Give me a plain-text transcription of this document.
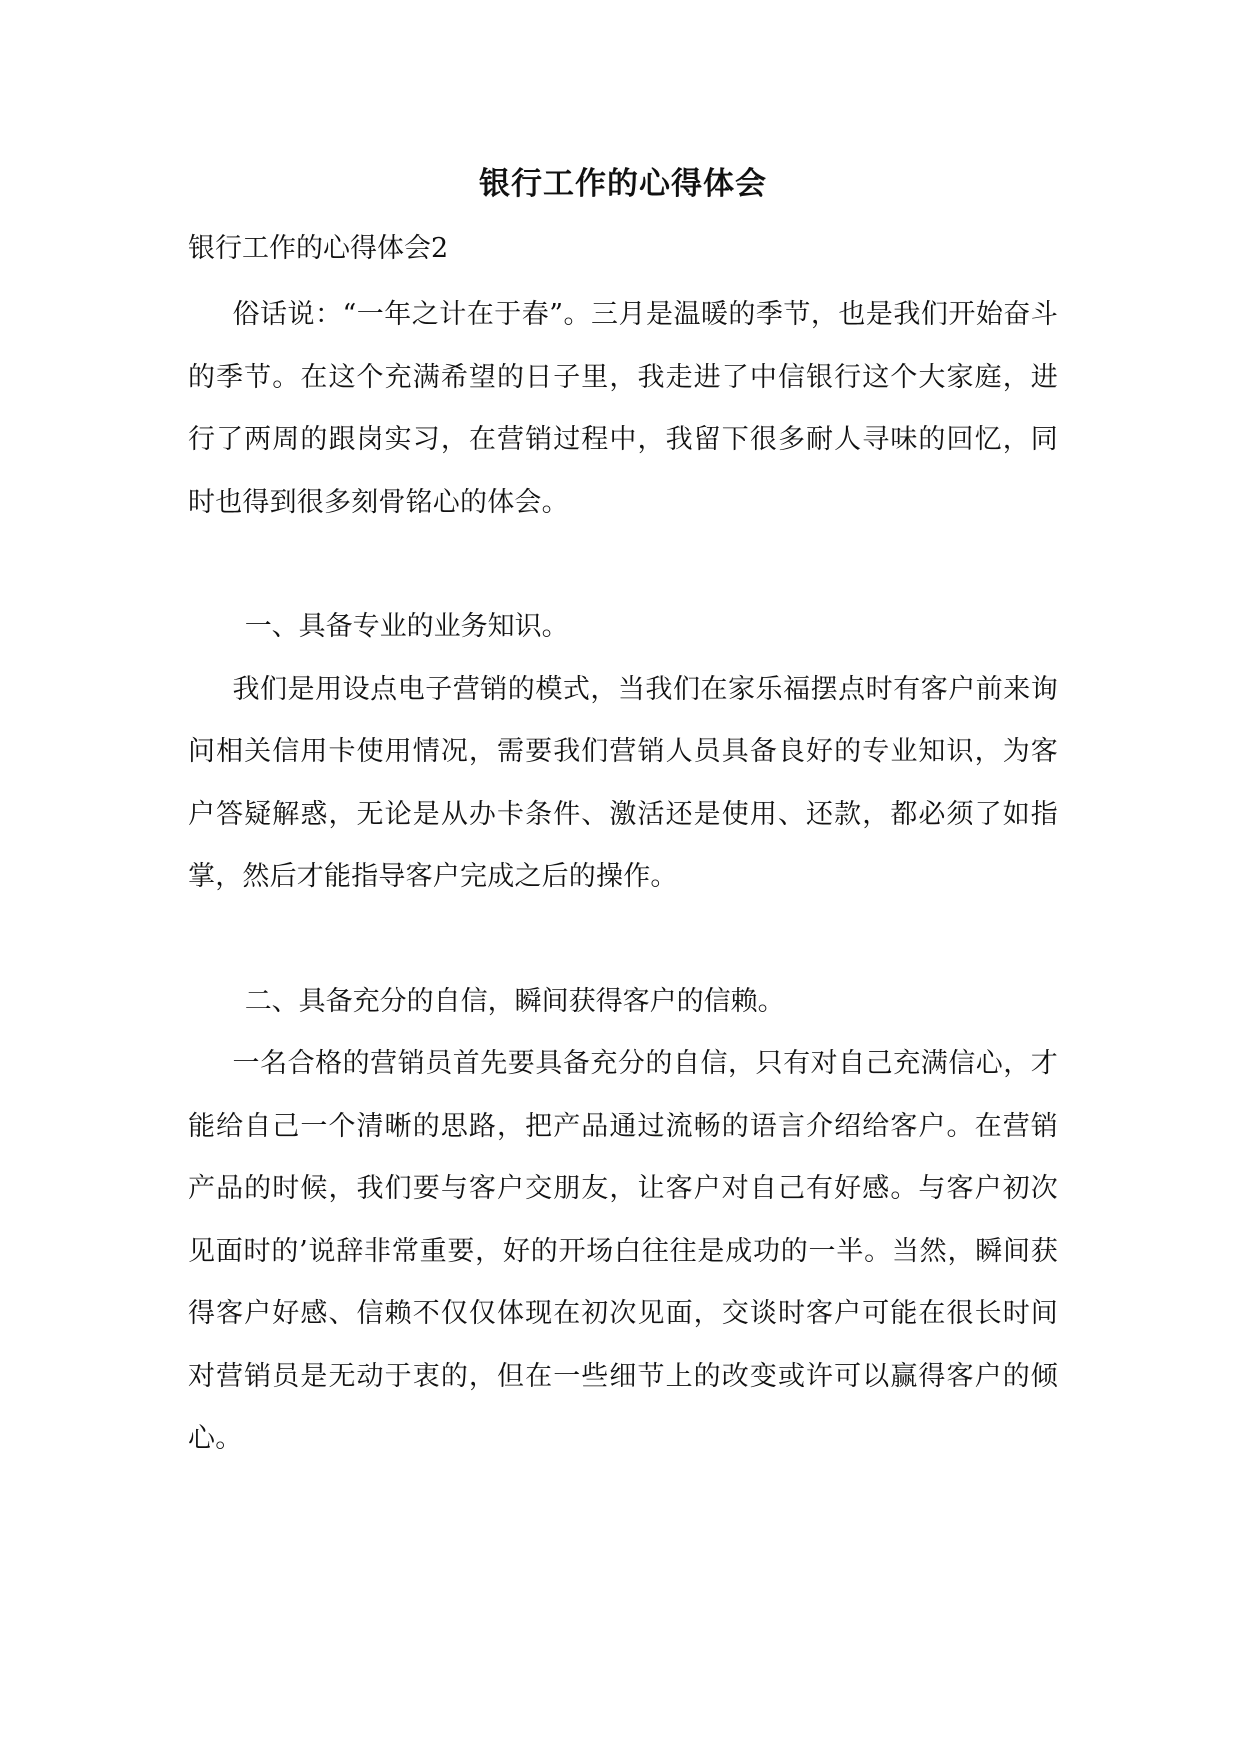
银行工作的心得体会

银行工作的心得体会2

俗话说：“一年之计在于春”。三月是温暖的季节，也是我们开始奋斗的季节。在这个充满希望的日子里，我走进了中信银行这个大家庭，进行了两周的跟岗实习，在营销过程中，我留下很多耐人寻味的回忆，同时也得到很多刻骨铭心的体会。

一、具备专业的业务知识。

我们是用设点电子营销的模式，当我们在家乐福摆点时有客户前来询问相关信用卡使用情况，需要我们营销人员具备良好的专业知识，为客户答疑解惑，无论是从办卡条件、激活还是使用、还款，都必须了如指掌，然后才能指导客户完成之后的操作。

二、具备充分的自信，瞬间获得客户的信赖。

一名合格的营销员首先要具备充分的自信，只有对自己充满信心，才能给自己一个清晰的思路，把产品通过流畅的语言介绍给客户。在营销产品的时候，我们要与客户交朋友，让客户对自己有好感。与客户初次见面时的’说辞非常重要，好的开场白往往是成功的一半。当然，瞬间获得客户好感、信赖不仅仅体现在初次见面，交谈时客户可能在很长时间对营销员是无动于衷的，但在一些细节上的改变或许可以赢得客户的倾心。
